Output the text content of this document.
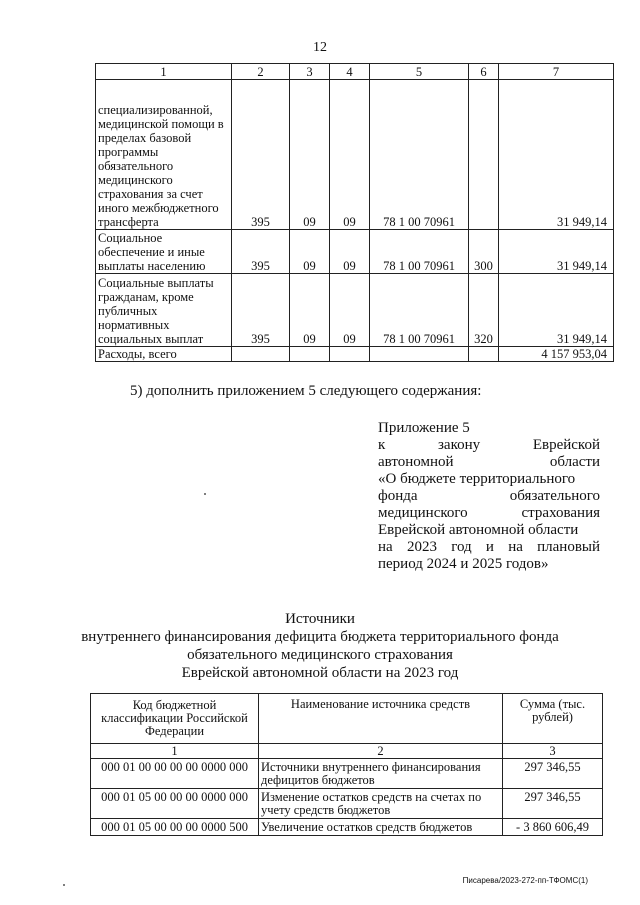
12
1	2	3	4	5	6	7
специализированной, медицинской помощи в пределах базовой программы обязательного медицинского страхования за счет иного межбюджетного трансферта	395	09	09	78 1 00 70961		31 949,14
Социальное обеспечение и иные выплаты населению	395	09	09	78 1 00 70961	300	31 949,14
Социальные выплаты гражданам, кроме публичных нормативных социальных выплат	395	09	09	78 1 00 70961	320	31 949,14
Расходы, всего						4 157 953,04
5) дополнить приложением 5 следующего содержания:
Приложение 5
к	закону	Еврейской
автономной	области
«О бюджете территориального
фонда	обязательного
медицинского	страхования
Еврейской автономной области
на 2023 год и на плановый
период 2024 и 2025 годов»
Источники
внутреннего финансирования дефицита бюджета территориального фонда
обязательного медицинского страхования
Еврейской автономной области на 2023 год
Код бюджетной классификации Российской Федерации	Наименование источника средств	Сумма (тыс. рублей)
1	2	3
000 01 00 00 00 00 0000 000	Источники внутреннего финансирования дефицитов бюджетов	297 346,55
000 01 05 00 00 00 0000 000	Изменение остатков средств на счетах по учету средств бюджетов	297 346,55
000 01 05 00 00 00 0000 500	Увеличение остатков средств бюджетов	- 3 860 606,49
Писарева/2023-272-пп-ТФОМС(1)
